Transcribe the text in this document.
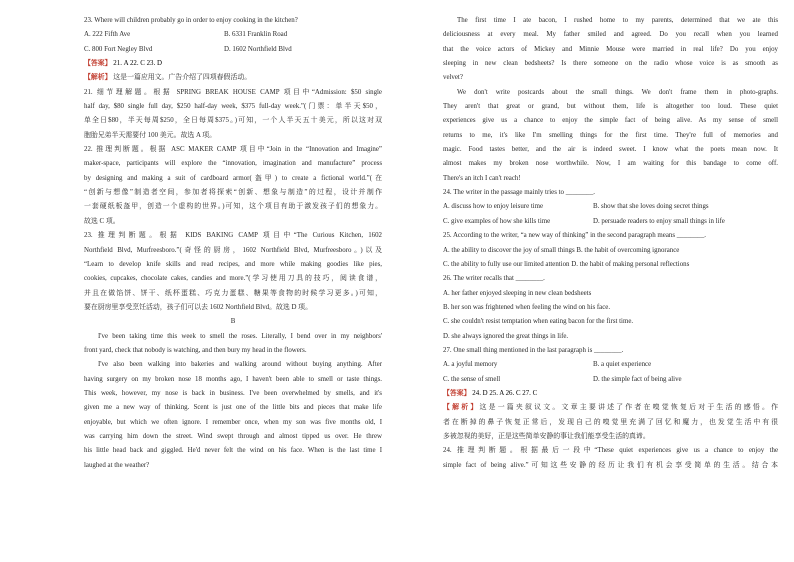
23. Where will children probably go in order to enjoy cooking in the kitchen?
A. 222 Fifth Ave	B. 6331 Franklin Road
C. 800 Fort Negley Blvd	D. 1602 Northfield Blvd
【答案】 21. A 22. C 23. D
【解析】 这是一篇应用文。广告介绍了四项春假活动。
21. 细节理解题。根据 SPRING BREAK HOUSE CAMP 项目中“Admission: $50 single
half day, $80 single full day, $250 half-day week, $375 full-day week.”(门票：单半天$50，
单全日$80，半天每周$250，全日每周$375。)可知，一个人半天五十美元，所以这对双
胞胎兄弟半天需要付 100 美元。故选 A 项。
22. 推理判断题。根据 ASC MAKER CAMP 项目中“Join in the “Innovation and Imagine”
maker-space, participants will explore the “innovation, imagination and manufacture” process
by designing and making a suit of cardboard armor(盔甲) to create a fictional world.”(在
“创新与想像”制造者空间，参加者将探索“创新、想象与制造”的过程，设计并制作
一套硬纸板盔甲，创造一个虚构的世界。)可知，这个项目有助于激发孩子们的想象力。
故选 C 项。
23. 推理判断题。根据 KIDS BAKING CAMP 项目中“The Curious Kitchen, 1602
Northfield Blvd, Murfreesboro.”(奇怪的厨房，1602 Northfield Blvd, Murfreesboro。)以及
“Learn to develop knife skills and read recipes, and more while making goodies like pies,
cookies, cupcakes, chocolate cakes, candies and more.”(学习使用刀具的技巧，阅读食谱，
并且在做馅饼、饼干、纸杯蛋糕、巧克力蛋糕、糖果等食物的时候学习更多。)可知，
要在厨房里享受烹饪活动，孩子们可以去 1602 Northfield Blvd。故选 D 项。
B
I've been taking time this week to smell the roses. Literally, I bend over in my neighbors'
front yard, check that nobody is watching, and then bury my head in the flowers.
I've also been walking into bakeries and walking around without buying anything. After
having surgery on my broken nose 18 months ago, I haven't been able to smell or taste things.
This week, however, my nose is back in business. I've been overwhelmed by smells, and it's
given me a new way of thinking. Scent is just one of the little bits and pieces that make life
enjoyable, but which we often ignore. I remember once, when my son was five months old, I
was carrying him down the street. Wind swept through and almost tipped us over. He threw
his little head back and giggled. He'd never felt the wind on his face. When is the last time I
laughed at the weather?
The first time I ate bacon, I rushed home to my parents, determined that we ate this
deliciousness at every meal. My father smiled and agreed. Do you recall when you learned
that the voice actors of Mickey and Minnie Mouse were married in real life? Do you enjoy
sleeping in new clean bedsheets? Is there someone on the radio whose voice is as smooth as
velvet?
We don't write postcards about the small things. We don't frame them in photo-graphs.
They aren't that great or grand, but without them, life is altogether too loud. These quiet
experiences give us a chance to enjoy the simple fact of being alive. As my sense of smell
returns to me, it's like I'm smelling things for the first time. They're full of memories and
magic. Food tastes better, and the air is indeed sweet. I know what the poets mean now. It
almost makes my broken nose worthwhile. Now, I am waiting for this bandage to come off.
There's an itch I can't reach!
24. The writer in the passage mainly tries to ________.
A. discuss how to enjoy leisure time	B. show that she loves doing secret things
C. give examples of how she kills time	D. persuade readers to enjoy small things in life
25. According to the writer, “a new way of thinking” in the second paragraph means ________.
A. the ability to discover the joy of small things B. the habit of overcoming ignorance
C. the ability to fully use our limited attention D. the habit of making personal reflections
26. The writer recalls that ________.
A. her father enjoyed sleeping in new clean bedsheets
B. her son was frightened when feeling the wind on his face.
C. she couldn't resist temptation when eating bacon for the first time.
D. she always ignored the great things in life.
27. One small thing mentioned in the last paragraph is ________.
A. a joyful memory	B. a quiet experience
C. the sense of smell	D. the simple fact of being alive
【答案】 24. D 25. A 26. C 27. C
【解析】这是一篇夹叙议文。文章主要讲述了作者在嗅觉恢复后对于生活的感悟。作
者在断掉的鼻子恢复正常后，发现自己的嗅觉里充满了回忆和魔力，也发觉生活中有很
多被忽视的美好，正是这些简单安静的事让我们能享受生活的真谛。
24. 推理判断题。根据最后一段中“These quiet experiences give us a chance to enjoy the
simple fact of being alive.”可知这些安静的经历让我们有机会享受简单的生活。结合本
